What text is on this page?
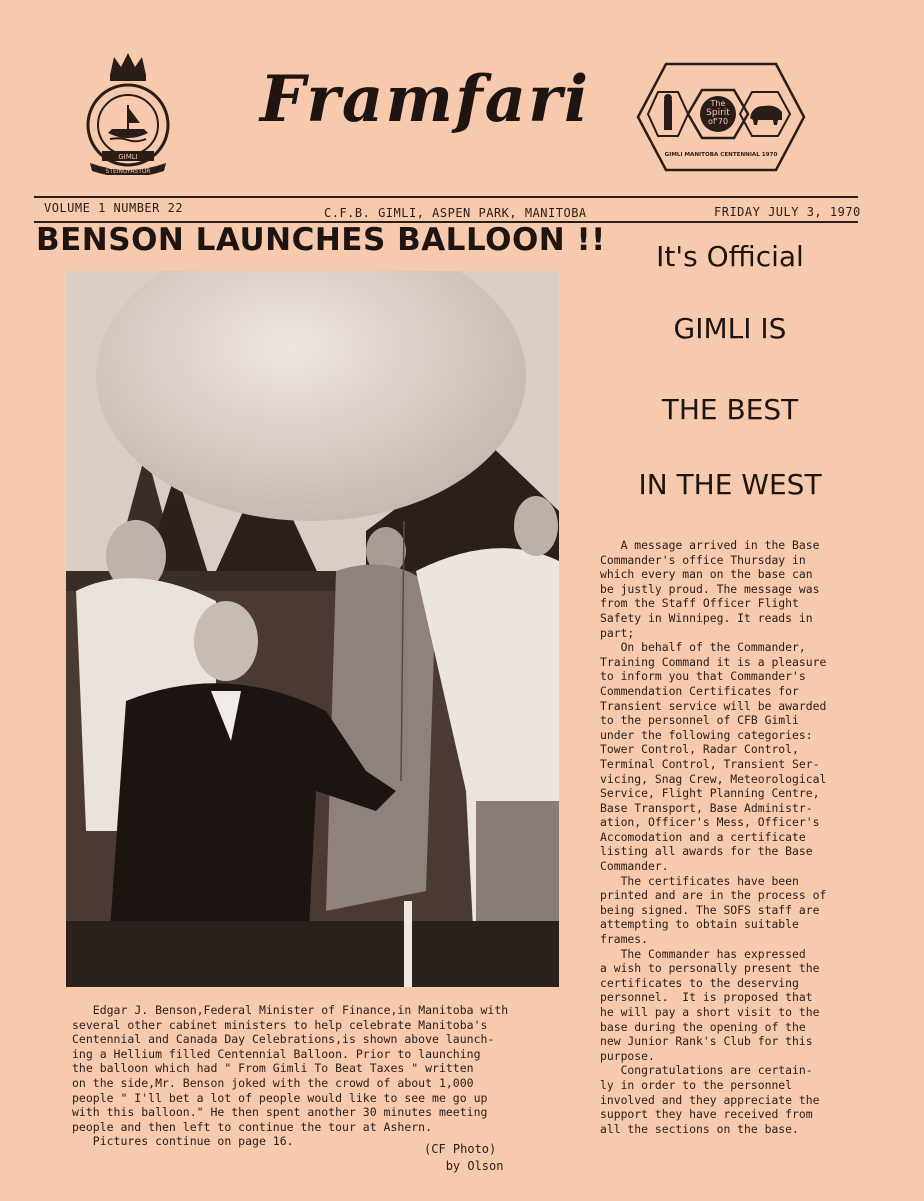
GIMLI
STEINUFASTUR
Framfari	The
Spirit
of'70
GIMLI MANITOBA CENTENNIAL 1970
VOLUME 1 NUMBER 22	C.F.B. GIMLI, ASPEN PARK, MANITOBA	FRIDAY JULY 3, 1970
BENSON LAUNCHES BALLOON !!
Edgar J. Benson,Federal Minister of Finance,in Manitoba with
several other cabinet ministers to help celebrate Manitoba's
Centennial and Canada Day Celebrations,is shown above launch-
ing a Hellium filled Centennial Balloon. Prior to launching
the balloon which had " From Gimli To Beat Taxes " written
on the side,Mr. Benson joked with the crowd of about 1,000
people " I'll bet a lot of people would like to see me go up
with this balloon." He then spent another 30 minutes meeting
people and then left to continue the tour at Ashern.
Pictures continue on page 16.
(CF Photo)
by Olson
It's Official
GIMLI IS
THE BEST
IN THE WEST
A message arrived in the Base
Commander's office Thursday in
which every man on the base can
be justly proud. The message was
from the Staff Officer Flight
Safety in Winnipeg. It reads in
part;
On behalf of the Commander,
Training Command it is a pleasure
to inform you that Commander's
Commendation Certificates for
Transient service will be awarded
to the personnel of CFB Gimli
under the following categories:
Tower Control, Radar Control,
Terminal Control, Transient Ser-
vicing, Snag Crew, Meteorological
Service, Flight Planning Centre,
Base Transport, Base Administr-
ation, Officer's Mess, Officer's
Accomodation and a certificate
listing all awards for the Base
Commander.
The certificates have been
printed and are in the process of
being signed. The SOFS staff are
attempting to obtain suitable
frames.
The Commander has expressed
a wish to personally present the
certificates to the deserving
personnel.  It is proposed that
he will pay a short visit to the
base during the opening of the
new Junior Rank's Club for this
purpose.
Congratulations are certain-
ly in order to the personnel
involved and they appreciate the
support they have received from
all the sections on the base.
